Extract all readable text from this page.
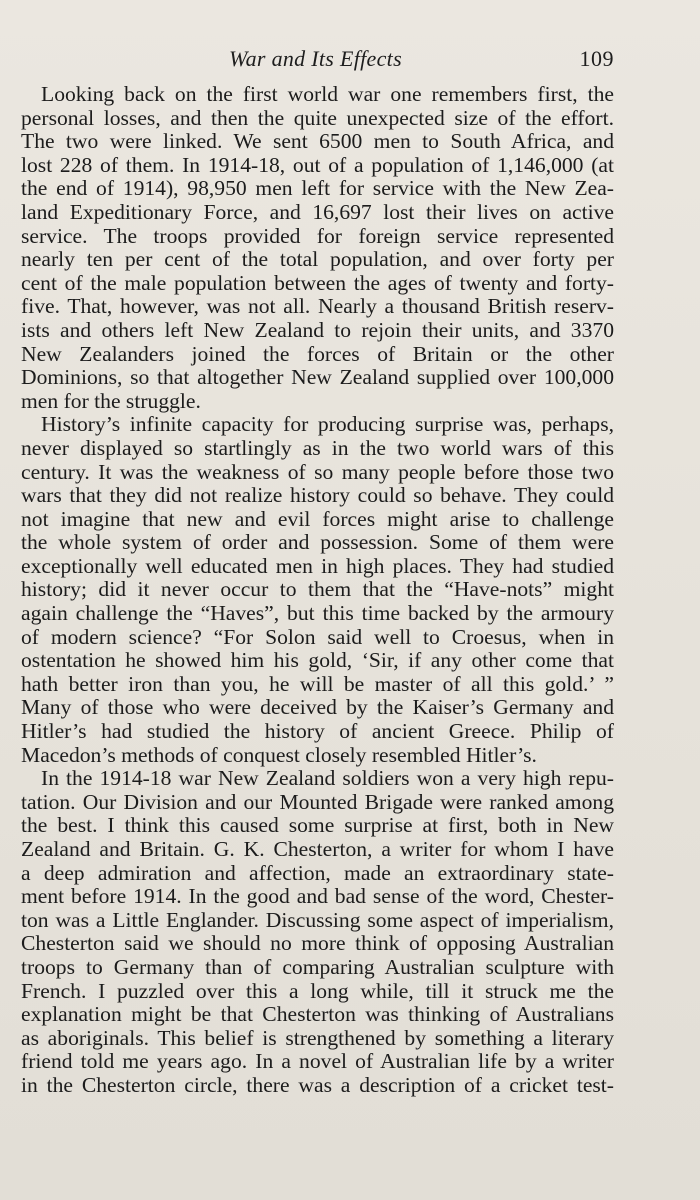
War and Its Effects	109
Looking back on the first world war one remembers first, the
personal losses, and then the quite unexpected size of the effort.
The two were linked. We sent 6500 men to South Africa, and
lost 228 of them. In 1914-18, out of a population of 1,146,000 (at
the end of 1914), 98,950 men left for service with the New Zea-
land Expeditionary Force, and 16,697 lost their lives on active
service. The troops provided for foreign service represented
nearly ten per cent of the total population, and over forty per
cent of the male population between the ages of twenty and forty-
five. That, however, was not all. Nearly a thousand British reserv-
ists and others left New Zealand to rejoin their units, and 3370
New Zealanders joined the forces of Britain or the other
Dominions, so that altogether New Zealand supplied over 100,000
men for the struggle.
History’s infinite capacity for producing surprise was, perhaps,
never displayed so startlingly as in the two world wars of this
century. It was the weakness of so many people before those two
wars that they did not realize history could so behave. They could
not imagine that new and evil forces might arise to challenge
the whole system of order and possession. Some of them were
exceptionally well educated men in high places. They had studied
history; did it never occur to them that the “Have-nots” might
again challenge the “Haves”, but this time backed by the armoury
of modern science? “For Solon said well to Croesus, when in
ostentation he showed him his gold, ‘Sir, if any other come that
hath better iron than you, he will be master of all this gold.’ ”
Many of those who were deceived by the Kaiser’s Germany and
Hitler’s had studied the history of ancient Greece. Philip of
Macedon’s methods of conquest closely resembled Hitler’s.
In the 1914-18 war New Zealand soldiers won a very high repu-
tation. Our Division and our Mounted Brigade were ranked among
the best. I think this caused some surprise at first, both in New
Zealand and Britain. G. K. Chesterton, a writer for whom I have
a deep admiration and affection, made an extraordinary state-
ment before 1914. In the good and bad sense of the word, Chester-
ton was a Little Englander. Discussing some aspect of imperialism,
Chesterton said we should no more think of opposing Australian
troops to Germany than of comparing Australian sculpture with
French. I puzzled over this a long while, till it struck me the
explanation might be that Chesterton was thinking of Australians
as aboriginals. This belief is strengthened by something a literary
friend told me years ago. In a novel of Australian life by a writer
in the Chesterton circle, there was a description of a cricket test-
